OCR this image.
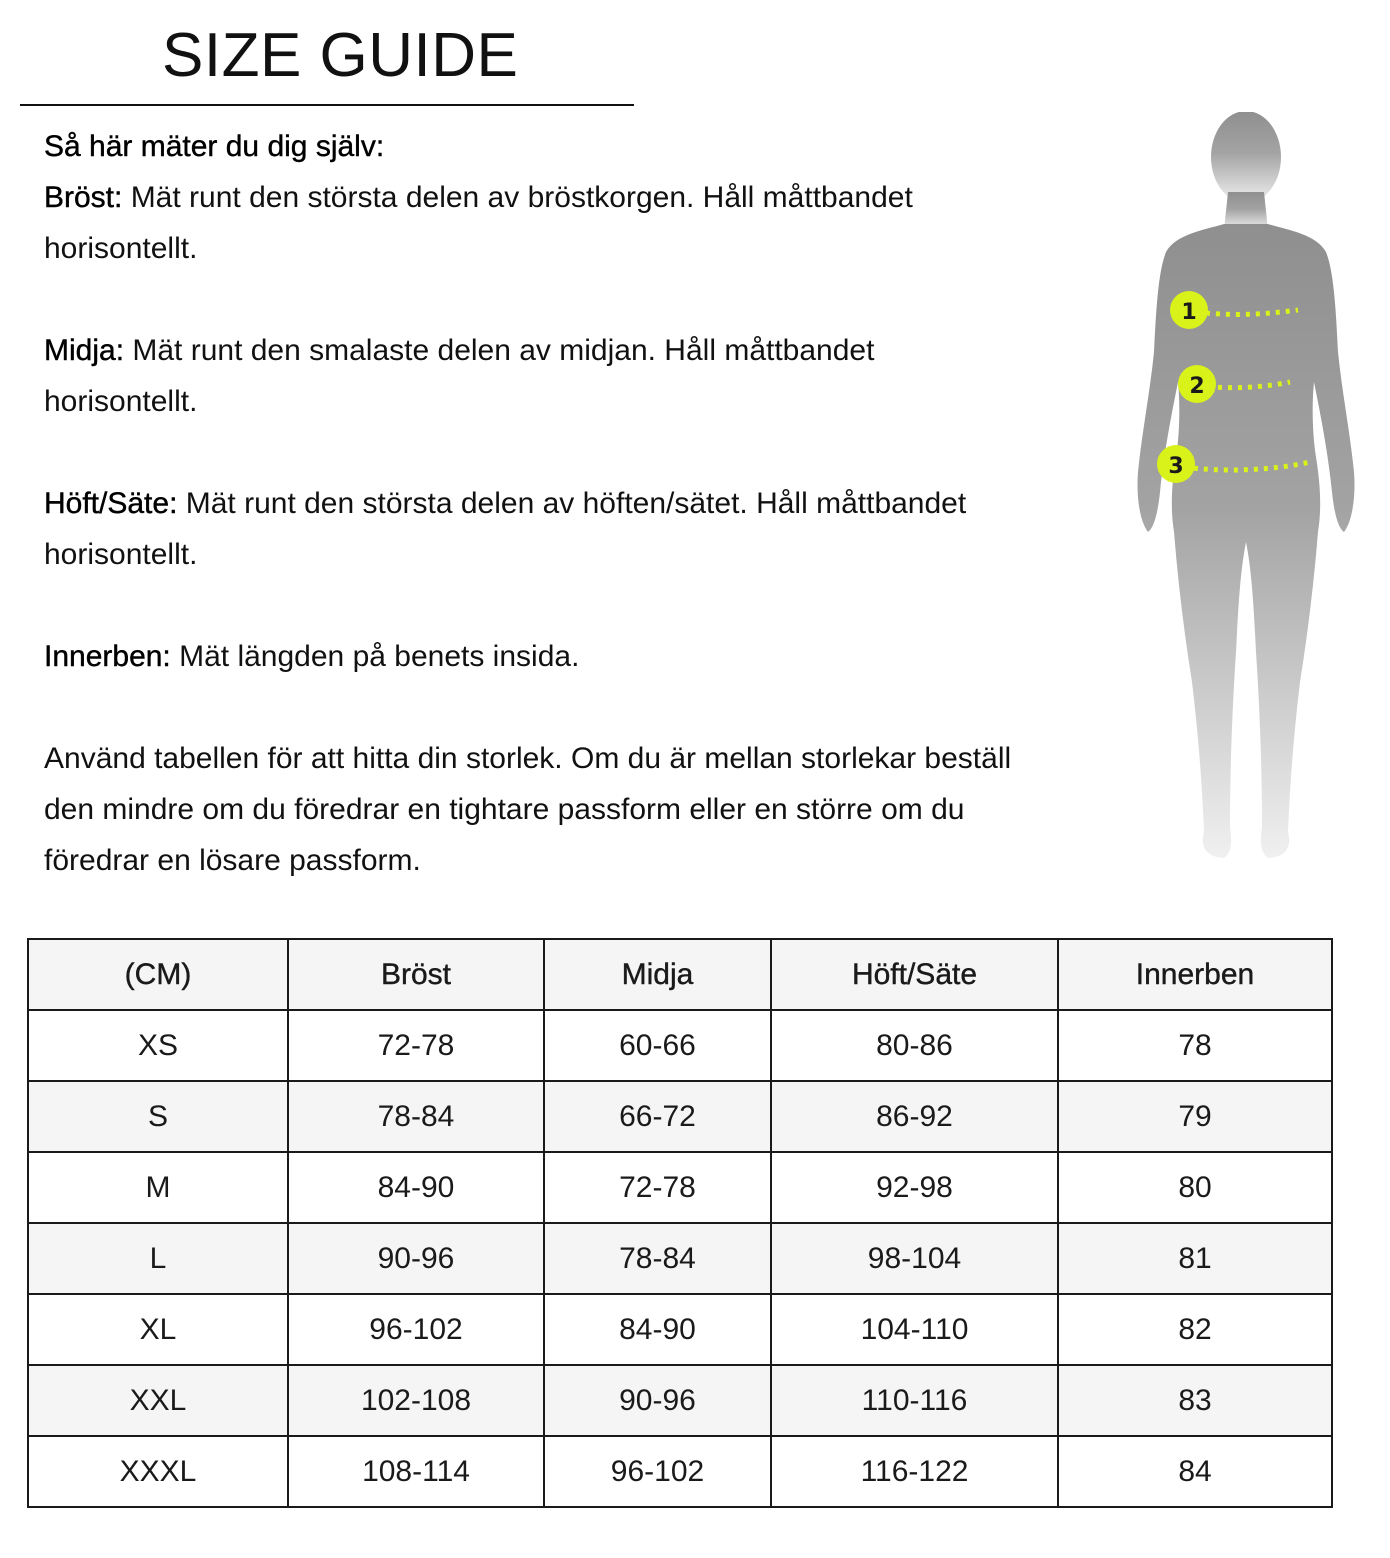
SIZE GUIDE

Så här mäter du dig själv:

Bröst: Mät runt den största delen av bröstkorgen. Håll måttbandet horisontellt.

Midja: Mät runt den smalaste delen av midjan. Håll måttbandet horisontellt.

Höft/Säte: Mät runt den största delen av höften/sätet. Håll måttbandet horisontellt.

Innerben: Mät längden på benets insida.

Använd tabellen för att hitta din storlek. Om du är mellan storlekar beställ den mindre om du föredrar en tightare passform eller en större om du föredrar en lösare passform.

1
2
3
(CM)	Bröst	Midja	Höft/Säte	Innerben
XS	72-78	60-66	80-86	78
S	78-84	66-72	86-92	79
M	84-90	72-78	92-98	80
L	90-96	78-84	98-104	81
XL	96-102	84-90	104-110	82
XXL	102-108	90-96	110-116	83
XXXL	108-114	96-102	116-122	84
